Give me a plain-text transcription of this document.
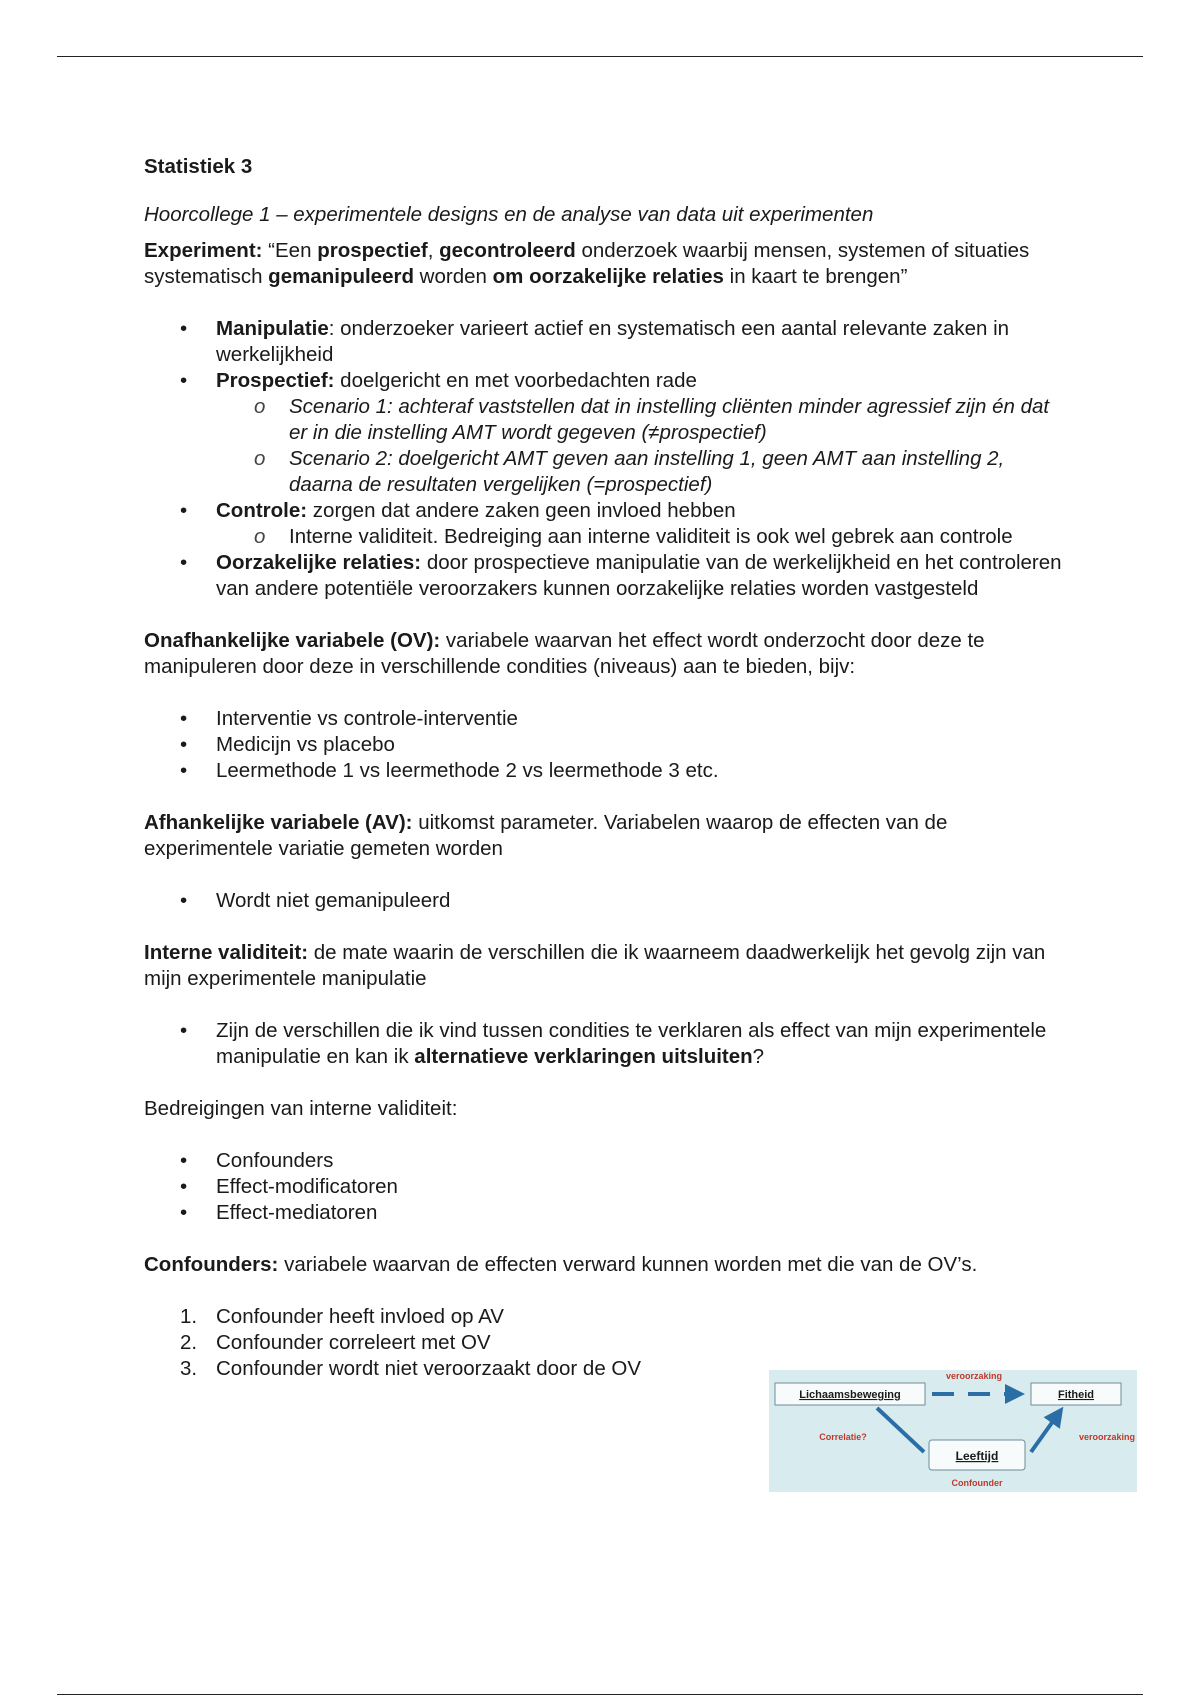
Statistiek 3

Hoorcollege 1 – experimentele designs en de analyse van data uit experimenten

Experiment: “Een prospectief, gecontroleerd onderzoek waarbij mensen, systemen of situaties systematisch gemanipuleerd worden om oorzakelijke relaties in kaart te brengen”

• Manipulatie: onderzoeker varieert actief en systematisch een aantal relevante zaken in werkelijkheid
• Prospectief: doelgericht en met voorbedachten rade
o Scenario 1: achteraf vaststellen dat in instelling cliënten minder agressief zijn én dat er in die instelling AMT wordt gegeven (≠prospectief)
o Scenario 2: doelgericht AMT geven aan instelling 1, geen AMT aan instelling 2, daarna de resultaten vergelijken (=prospectief)
• Controle: zorgen dat andere zaken geen invloed hebben
o Interne validiteit. Bedreiging aan interne validiteit is ook wel gebrek aan controle
• Oorzakelijke relaties: door prospectieve manipulatie van de werkelijkheid en het controleren van andere potentiële veroorzakers kunnen oorzakelijke relaties worden vastgesteld

Onafhankelijke variabele (OV): variabele waarvan het effect wordt onderzocht door deze te manipuleren door deze in verschillende condities (niveaus) aan te bieden, bijv:

• Interventie vs controle-interventie
• Medicijn vs placebo
• Leermethode 1 vs leermethode 2 vs leermethode 3 etc.

Afhankelijke variabele (AV): uitkomst parameter. Variabelen waarop de effecten van de experimentele variatie gemeten worden

• Wordt niet gemanipuleerd

Interne validiteit: de mate waarin de verschillen die ik waarneem daadwerkelijk het gevolg zijn van mijn experimentele manipulatie

• Zijn de verschillen die ik vind tussen condities te verklaren als effect van mijn experimentele manipulatie en kan ik alternatieve verklaringen uitsluiten?

Bedreigingen van interne validiteit:

• Confounders
• Effect-modificatoren
• Effect-mediatoren

Confounders: variabele waarvan de effecten verward kunnen worden met die van de OV’s.

1. Confounder heeft invloed op AV
2. Confounder correleert met OV
3. Confounder wordt niet veroorzaakt door de OV
Lichaamsbeweging	Fitheid
Leeftijd
veroorzaking
veroorzaking
Correlatie?
Confounder
